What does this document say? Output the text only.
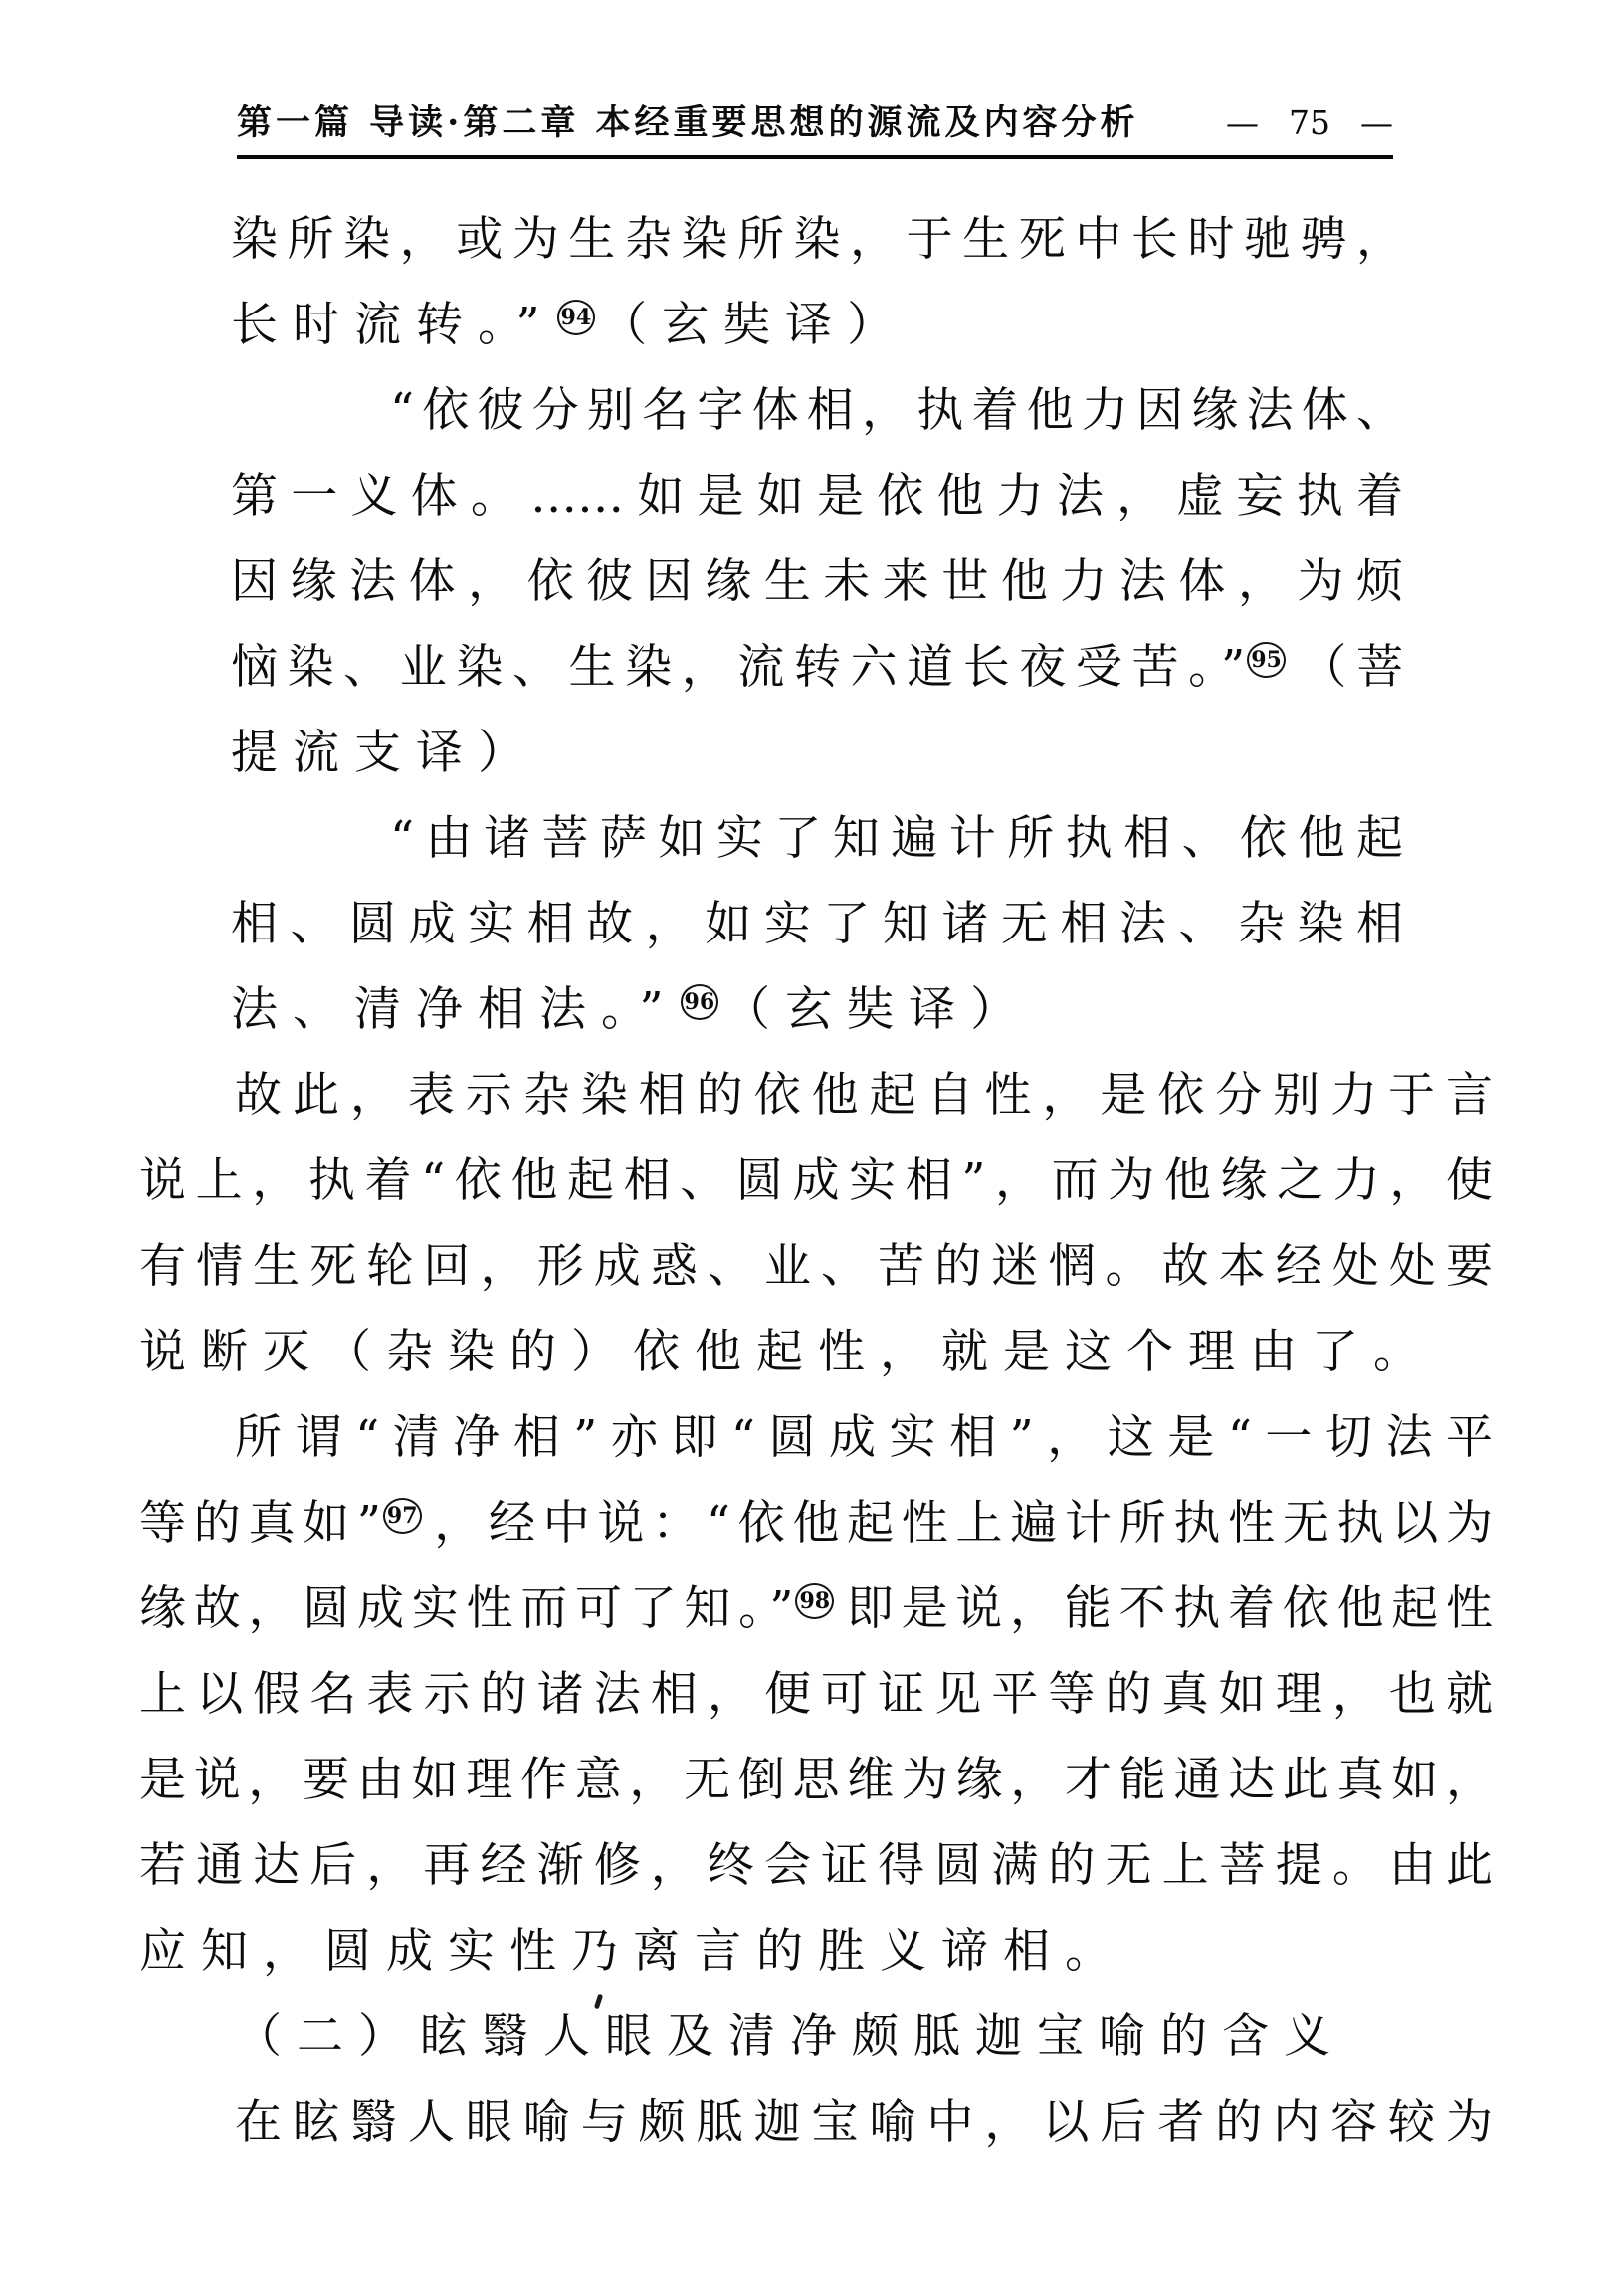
第一篇 导读·第二章 本经重要思想的源流及内容分析	— 75 —
染所染，或为生杂染所染，于生死中长时驰骋，
长时流转。” $^{94}$ （玄奘译）
“依彼分别名字体相，执着他力因缘法体、
第一义体。……如是如是依他力法，虚妄执着
因缘法体，依彼因缘生未来世他力法体，为烦
恼染、业染、生染，流转六道长夜受苦。” $^{95}$ （菩
提流支译）
“由诸菩萨如实了知遍计所执相、依他起
相、圆成实相故，如实了知诸无相法、杂染相
法、清净相法。” $^{96}$ （玄奘译）
故此，表示杂染相的依他起自性，是依分别力于言
说上，执着“依他起相、圆成实相”，而为他缘之力，使
有情生死轮回，形成惑、业、苦的迷惘。故本经处处要
说断灭（杂染的）依他起性，就是这个理由了。
所谓“清净相”亦即“圆成实相”，这是“一切法平
等的真如” $^{97}$ ，经中说：“依他起性上遍计所执性无执以为
缘故，圆成实性而可了知。” $^{98}$ 即是说，能不执着依他起性
上以假名表示的诸法相，便可证见平等的真如理，也就
是说，要由如理作意，无倒思维为缘，才能通达此真如，
若通达后，再经渐修，终会证得圆满的无上菩提。由此
应知，圆成实性乃离言的胜义谛相。
（二）眩翳人眼及清净颇胝迦宝喻的含义
在眩翳人眼喻与颇胝迦宝喻中，以后者的内容较为
